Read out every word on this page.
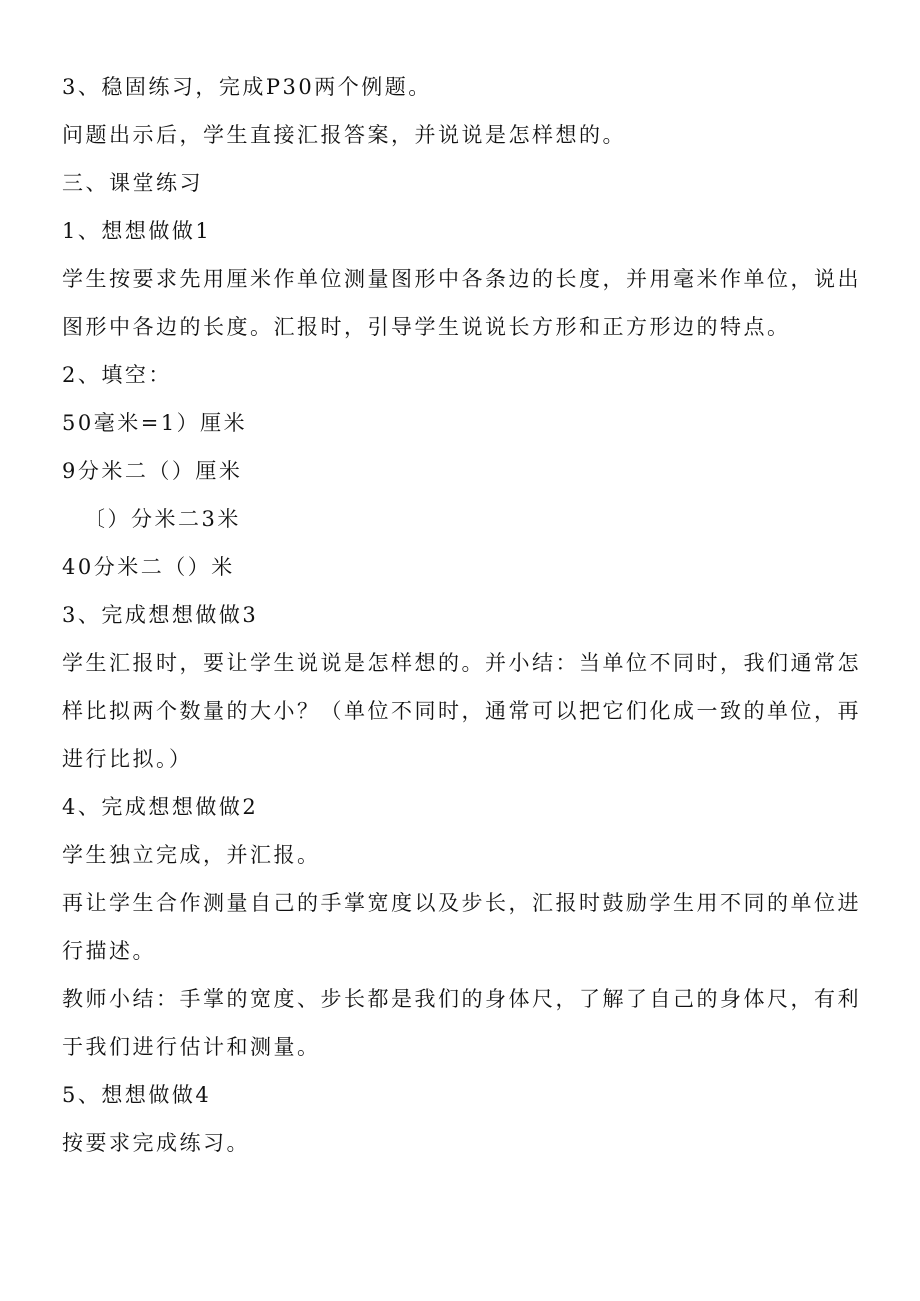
3、稳固练习，完成P30两个例题。
问题出示后，学生直接汇报答案，并说说是怎样想的。
三、课堂练习
1、想想做做1
学生按要求先用厘米作单位测量图形中各条边的长度，并用毫米作单位，说出
图形中各边的长度。汇报时，引导学生说说长方形和正方形边的特点。
2、填空：
50毫米=1）厘米
9分米二（）厘米
〔）分米二3米
40分米二（）米
3、完成想想做做3
学生汇报时，要让学生说说是怎样想的。并小结：当单位不同时，我们通常怎
样比拟两个数量的大小？（单位不同时，通常可以把它们化成一致的单位，再
进行比拟。）
4、完成想想做做2
学生独立完成，并汇报。
再让学生合作测量自己的手掌宽度以及步长，汇报时鼓励学生用不同的单位进
行描述。
教师小结：手掌的宽度、步长都是我们的身体尺，了解了自己的身体尺，有利
于我们进行估计和测量。
5、想想做做4
按要求完成练习。
